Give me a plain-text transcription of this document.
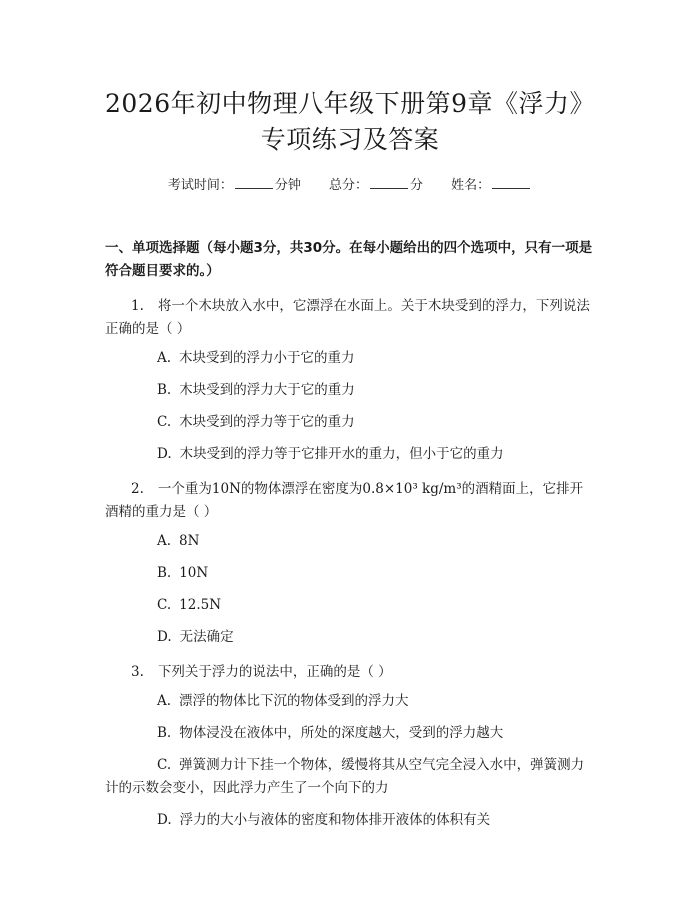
2026年初中物理八年级下册第9章《浮力》
专项练习及答案
考试时间：	分钟 总分：	分 姓名：
一、单项选择题（每小题3分，共30分。在每小题给出的四个选项中，只有一项是符合题目要求的。）
1. 将一个木块放入水中，它漂浮在水面上。关于木块受到的浮力，下列说法正确的是（ ）
A. 木块受到的浮力小于它的重力
B. 木块受到的浮力大于它的重力
C. 木块受到的浮力等于它的重力
D. 木块受到的浮力等于它排开水的重力，但小于它的重力
2. 一个重为10N的物体漂浮在密度为0.8×10³ kg/m³的酒精面上，它排开酒精的重力是（ ）
A. 8N
B. 10N
C. 12.5N
D. 无法确定
3. 下列关于浮力的说法中，正确的是（ ）
A. 漂浮的物体比下沉的物体受到的浮力大
B. 物体浸没在液体中，所处的深度越大，受到的浮力越大
C. 弹簧测力计下挂一个物体，缓慢将其从空气完全浸入水中，弹簧测力计的示数会变小，因此浮力产生了一个向下的力
D. 浮力的大小与液体的密度和物体排开液体的体积有关
